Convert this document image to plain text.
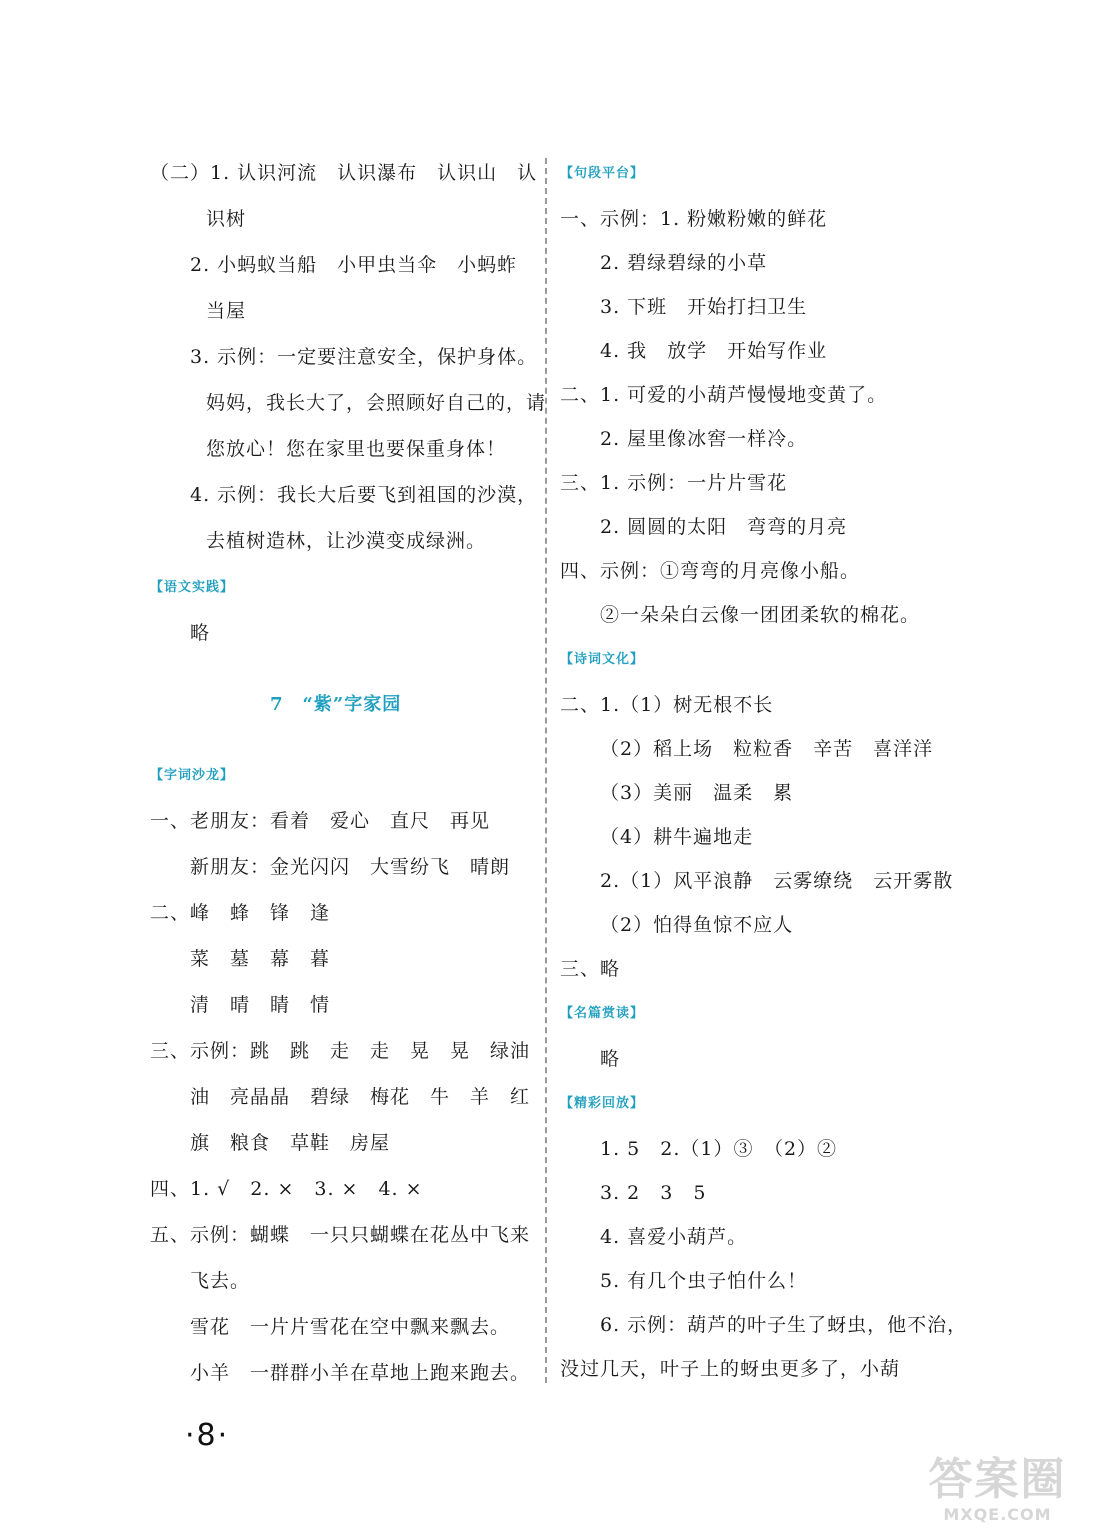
（二）1. 认识河流　认识瀑布　认识山　认
识树
2. 小蚂蚁当船　小甲虫当伞　小蚂蚱
当屋
3. 示例：一定要注意安全，保护身体。
妈妈，我长大了，会照顾好自己的，请
您放心！您在家里也要保重身体！
4. 示例：我长大后要飞到祖国的沙漠，
去植树造林，让沙漠变成绿洲。
【语文实践】
略
7　“紫”字家园
【字词沙龙】
一、老朋友：看着　爱心　直尺　再见
新朋友：金光闪闪　大雪纷飞　晴朗
二、峰　蜂　锋　逢
菜　墓　幕　暮
清　晴　睛　情
三、示例：跳　跳　走　走　晃　晃　绿油
油　亮晶晶　碧绿　梅花　牛　羊　红
旗　粮食　草鞋　房屋
四、1. √　2. ×　3. ×　4. ×
五、示例：蝴蝶　一只只蝴蝶在花丛中飞来
飞去。
雪花　一片片雪花在空中飘来飘去。
小羊　一群群小羊在草地上跑来跑去。
【句段平台】
一、示例：1. 粉嫩粉嫩的鲜花
2. 碧绿碧绿的小草
3. 下班　开始打扫卫生
4. 我　放学　开始写作业
二、1. 可爱的小葫芦慢慢地变黄了。
2. 屋里像冰窖一样冷。
三、1. 示例：一片片雪花
2. 圆圆的太阳　弯弯的月亮
四、示例：①弯弯的月亮像小船。
②一朵朵白云像一团团柔软的棉花。
【诗词文化】
二、1.（1）树无根不长
（2）稻上场　粒粒香　辛苦　喜洋洋
（3）美丽　温柔　累
（4）耕牛遍地走
2.（1）风平浪静　云雾缭绕　云开雾散
（2）怕得鱼惊不应人
三、略
【名篇赏读】
略
【精彩回放】
1. 5　2.（1）③　（2）②
3. 2　3　5
4. 喜爱小葫芦。
5. 有几个虫子怕什么！
6. 示例：葫芦的叶子生了蚜虫，他不治，
没过几天，叶子上的蚜虫更多了，小葫
·8·
答案圈
MXQE.COM
